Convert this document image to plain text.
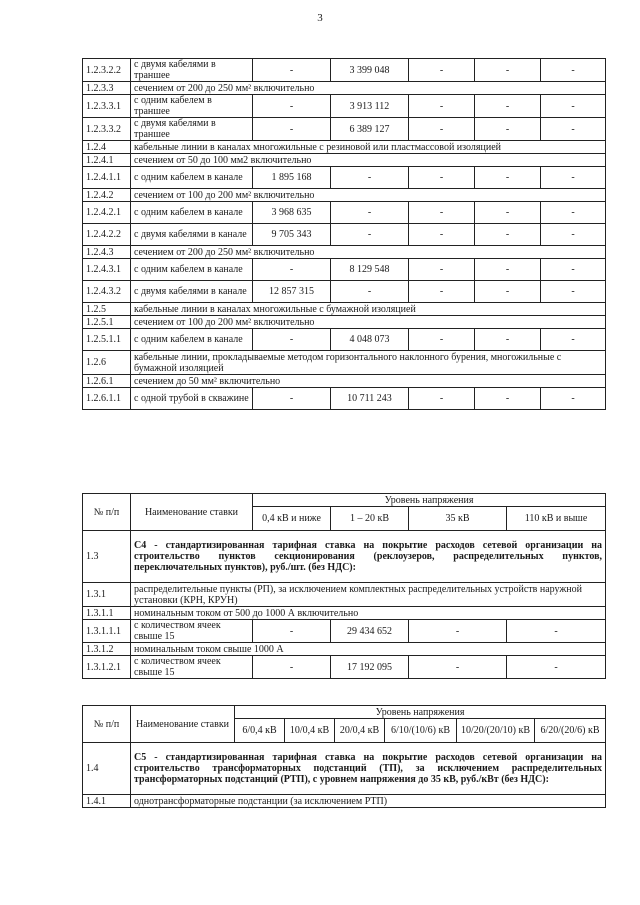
3
1.2.3.2.2	с двумя кабелями в траншее	-	3 399 048	-	-	-
1.2.3.3	сечением от 200 до 250 мм² включительно					
1.2.3.3.1	с одним кабелем в траншее	-	3 913 112	-	-	-
1.2.3.3.2	с двумя кабелями в траншее	-	6 389 127	-	-	-
1.2.4	кабельные линии в каналах многожильные с резиновой или пластмассовой изоляцией					
1.2.4.1	сечением от 50 до 100 мм2 включительно					
1.2.4.1.1	с одним кабелем в канале	1 895 168	-	-	-	-
1.2.4.2	сечением от 100 до 200 мм² включительно					
1.2.4.2.1	с одним кабелем в канале	3 968 635	-	-	-	-
1.2.4.2.2	с двумя кабелями в канале	9 705 343	-	-	-	-
1.2.4.3	сечением от 200 до 250 мм² включительно					
1.2.4.3.1	с одним кабелем в канале	-	8 129 548	-	-	-
1.2.4.3.2	с двумя кабелями в канале	12 857 315	-	-	-	-
1.2.5	кабельные линии в каналах многожильные с бумажной изоляцией					
1.2.5.1	сечением от 100 до 200 мм² включительно					
1.2.5.1.1	с одним кабелем в канале	-	4 048 073	-	-	-
1.2.6	кабельные линии, прокладываемые методом горизонтального наклонного бурения, многожильные с бумажной изоляцией					
1.2.6.1	сечением до 50 мм² включительно					
1.2.6.1.1	с одной трубой в скважине	-	10 711 243	-	-	-
№ п/п	Наименование ставки	Уровень напряжения			
		0,4 кВ и ниже	1 – 20 кВ	35 кВ	110 кВ и выше
1.3	С4 - стандартизированная тарифная ставка на покрытие расходов сетевой организации на строительство пунктов секционирования (реклоузеров, распределительных пунктов, переключательных пунктов), руб./шт. (без НДС):				
1.3.1	распределительные пункты (РП), за исключением комплектных распределительных устройств наружной установки (КРН, КРУН)				
1.3.1.1	номинальным током от 500 до 1000 А включительно				
1.3.1.1.1	с количеством ячеек свыше 15	-	29 434 652	-	-
1.3.1.2	номинальным током свыше 1000 А				
1.3.1.2.1	с количеством ячеек свыше 15	-	17 192 095	-	-
№ п/п	Наименование ставки	Уровень напряжения					
		6/0,4 кВ	10/0,4 кВ	20/0,4 кВ	6/10/(10/6) кВ	10/20/(20/10) кВ	6/20/(20/6) кВ
1.4	С5 - стандартизированная тарифная ставка на покрытие расходов сетевой организации на строительство трансформаторных подстанций (ТП), за исключением распределительных трансформаторных подстанций (РТП), с уровнем напряжения до 35 кВ, руб./кВт (без НДС):						
1.4.1	однотрансформаторные подстанции (за исключением РТП)						
